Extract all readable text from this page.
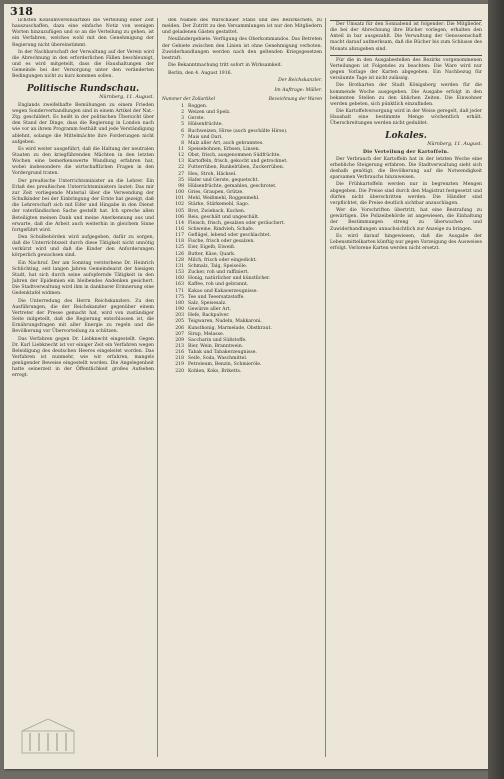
318

lichsten Konsumvereinsartikel die Verteilung einer Zeit hauszuschaffen, dazu eine einfache Notiz von wenigen Worten hinzuzufügen und so an die Verteilung zu gehen, ist ein Verfahren, welches wohl mit den Genehmigung der Regierung nicht übereinstimmt.

In der Nachbarschaft der Verwaltung auf der Verein wird die Abrechnung in den erforderlichen Fällen beschleunigt, und es wird mitgeteilt, dass die Haushaltungen der Gemeinde bei der Versorgung unter den veränderten Bedingungen nicht zu kurz kommen sollen.

Politische Rundschau.
Nürnberg, 11. August.

Englands zweifelhafte Bemühungen zu einem Frieden wegen Sonderverhandlungen sind in einem Artikel der Nat.-Ztg. geschildert. Es heißt in der politischen Übersicht über den Stand der Dinge, dass die Regierung in London nach wie vor an ihrem Programm festhält und jede Verständigung ablehnt, solange die Mittelmächte ihre Forderungen nicht aufgeben.

Es wird weiter ausgeführt, daß die Haltung der neutralen Staaten zu den kriegführenden Mächten in den letzten Wochen eine bemerkenswerte Wandlung erfahren hat, wobei insbesondere die wirtschaftlichen Fragen in den Vordergrund traten.

Der preußische Unterrichtsminister an die Lehrer. Ein Erlaß des preußischen Unterrichtsministers lautet: Das mir zur Zeit vorliegende Material über die Verwendung der Schulkinder bei der Einbringung der Ernte hat gezeigt, daß die Lehrerschaft sich mit Eifer und Hingabe in den Dienst der vaterländischen Sache gestellt hat. Ich spreche allen Beteiligten meinen Dank und meine Anerkennung aus und erwarte, daß die Arbeit auch weiterhin in gleichem Sinne fortgeführt wird.

Den Schulbehörden wird aufgegeben, dafür zu sorgen, daß die Unterrichtszeit durch diese Tätigkeit nicht unnötig verkürzt wird und daß die Kinder den Anforderungen körperlich gewachsen sind.

Ein Nachruf. Der am Sonntag verstorbene Dr. Heinrich Schlichting, seit langen Jahren Gemeindearzt der hiesigen Stadt, hat sich durch seine aufopfernde Tätigkeit in den Jahren der Epidemien ein bleibendes Andenken gesichert. Die Stadtverwaltung wird ihm in dankbarer Erinnerung eine Gedenktafel widmen.

Die Unterredung des Herrn Reichskanzlers. Zu den Ausführungen, die der Reichskanzler gegenüber einem Vertreter der Presse gemacht hat, wird von zuständiger Seite mitgeteilt, daß die Regierung entschlossen ist, die Ernährungsfragen mit aller Energie zu regeln und die Bevölkerung vor Übervorteilung zu schützen.

Das Verfahren gegen Dr. Liebknecht eingestellt. Gegen Dr. Karl Liebknecht ist vor einiger Zeit ein Verfahren wegen Beleidigung des deutschen Heeres eingeleitet worden. Das Verfahren ist nunmehr, wie wir erfahren, mangels genügender Beweise eingestellt worden. Die Angelegenheit hatte seinerzeit in der Öffentlichkeit großes Aufsehen erregt.

den Namen des Warschauer Stabs und des Bezirkschefs, zu melden. Der Zutritt zu den Versammlungen ist nur den Mitgliedern und geladenen Gästen gestattet.

Neuländergebiete. Verfügung des Oberkommandos. Das Betreten der Gebiete zwischen den Linien ist ohne Genehmigung verboten. Zuwiderhandlungen werden nach den geltenden Kriegsgesetzen bestraft.

Die Bekanntmachung tritt sofort in Wirksamkeit.

Berlin, den 4. August 1916.

Der Reichskanzler.
Im Auftrage: Müller.
Nummer der Zollartikel	Bezeichnung der Waren
1 Roggen.
2 Weizen und Spelz.
3 Gerste.
5 Hülsenfrüchte.
6 Buchweizen, Hirse (auch geschälte Hirse).
7 Mais und Dari.
8 Malz aller Art, auch gebranntes.
11 Speisebohnen, Erbsen, Linsen.
12 Obst, frisch, ausgenommen Südfrüchte.
13 Kartoffeln, frisch, gekocht und getrocknet.
22 Futterrüben, Runkelrüben, Zuckerrüben.
27 Heu, Stroh, Häcksel.
35 Hafer und Gerste, gequetscht.
98 Hülsenfrüchte, gemahlen, geschrotet.
100 Gries, Graupen, Grütze.
101 Mehl, Weißmehl, Roggenmehl.
102 Stärke, Stärkemehl, Sago.
105 Brot, Zwieback, Kuchen.
106 Reis, geschält und ungeschält.
114 Fleisch, frisch, gesalzen oder geräuchert.
116 Schweine, Rindvieh, Schafe.
117 Geflügel, lebend oder geschlachtet.
118 Fische, frisch oder gesalzen.
125 Eier, Eigelb, Eiweiß.
126 Butter, Käse, Quark.
128 Milch, frisch oder eingedickt.
131 Schmalz, Talg, Speiseöle.
153 Zucker, roh und raffiniert.
160 Honig, natürlicher und künstlicher.
163 Kaffee, roh und gebrannt.
171 Kakao und Kakaoerzeugnisse.
175 Tee und Teeersatzstoffe.
180 Salz, Speisesalz.
190 Gewürze aller Art.
203 Hefe, Backpulver.
205 Teigwaren, Nudeln, Makkaroni.
206 Kunsthonig, Marmelade, Obstkraut.
207 Sirup, Melasse.
209 Saccharin und Süßstoffe.
213 Bier, Wein, Branntwein.
216 Tabak und Tabakerzeugnisse.
218 Seife, Soda, Waschmittel.
219 Petroleum, Benzin, Schmieröle.
220 Kohlen, Koks, Briketts.

Der Umsatz für den Sonnabend ist folgender: Die Mitglieder, die bei der Abrechnung ihre Bücher vorlegen, erhalten den Anteil in bar ausgezahlt. Die Verwaltung der Genossenschaft macht darauf aufmerksam, daß die Bücher bis zum Schlusse des Monats abzugeben sind.

Für die in den Ausgabestellen des Bezirks vorgenommenen Verteilungen ist Folgendes zu beachten: Die Ware wird nur gegen Vorlage der Karten abgegeben. Ein Nachbezug für versäumte Tage ist nicht zulässig.

Die Brotkarten der Stadt Königsberg werden für die kommende Woche ausgegeben. Die Ausgabe erfolgt in den bekannten Stellen zu den üblichen Zeiten. Die Einwohner werden gebeten, sich pünktlich einzufinden.

Die Kartoffelversorgung wird in der Weise geregelt, daß jeder Haushalt eine bestimmte Menge wöchentlich erhält. Überschreitungen werden nicht geduldet.

Lokales.
Nürnberg, 11. August.
Die Verteilung der Kartoffeln.

Der Verbrauch der Kartoffeln hat in der letzten Woche eine erhebliche Steigerung erfahren. Die Stadtverwaltung sieht sich deshalb genötigt, die Bevölkerung auf die Notwendigkeit sparsamen Verbrauchs hinzuweisen.

Die Frühkartoffeln werden nur in begrenzten Mengen abgegeben. Die Preise sind durch den Magistrat festgesetzt und dürfen nicht überschritten werden. Die Händler sind verpflichtet, die Preise deutlich sichtbar anzuschlagen.

Wer die Vorschriften übertritt, hat eine Bestrafung zu gewärtigen. Die Polizeibehörde ist angewiesen, die Einhaltung der Bestimmungen streng zu überwachen und Zuwiderhandlungen unnachsichtlich zur Anzeige zu bringen.

Es wird darauf hingewiesen, daß die Ausgabe der Lebensmittelkarten künftig nur gegen Vorzeigung des Ausweises erfolgt. Verlorene Karten werden nicht ersetzt.
